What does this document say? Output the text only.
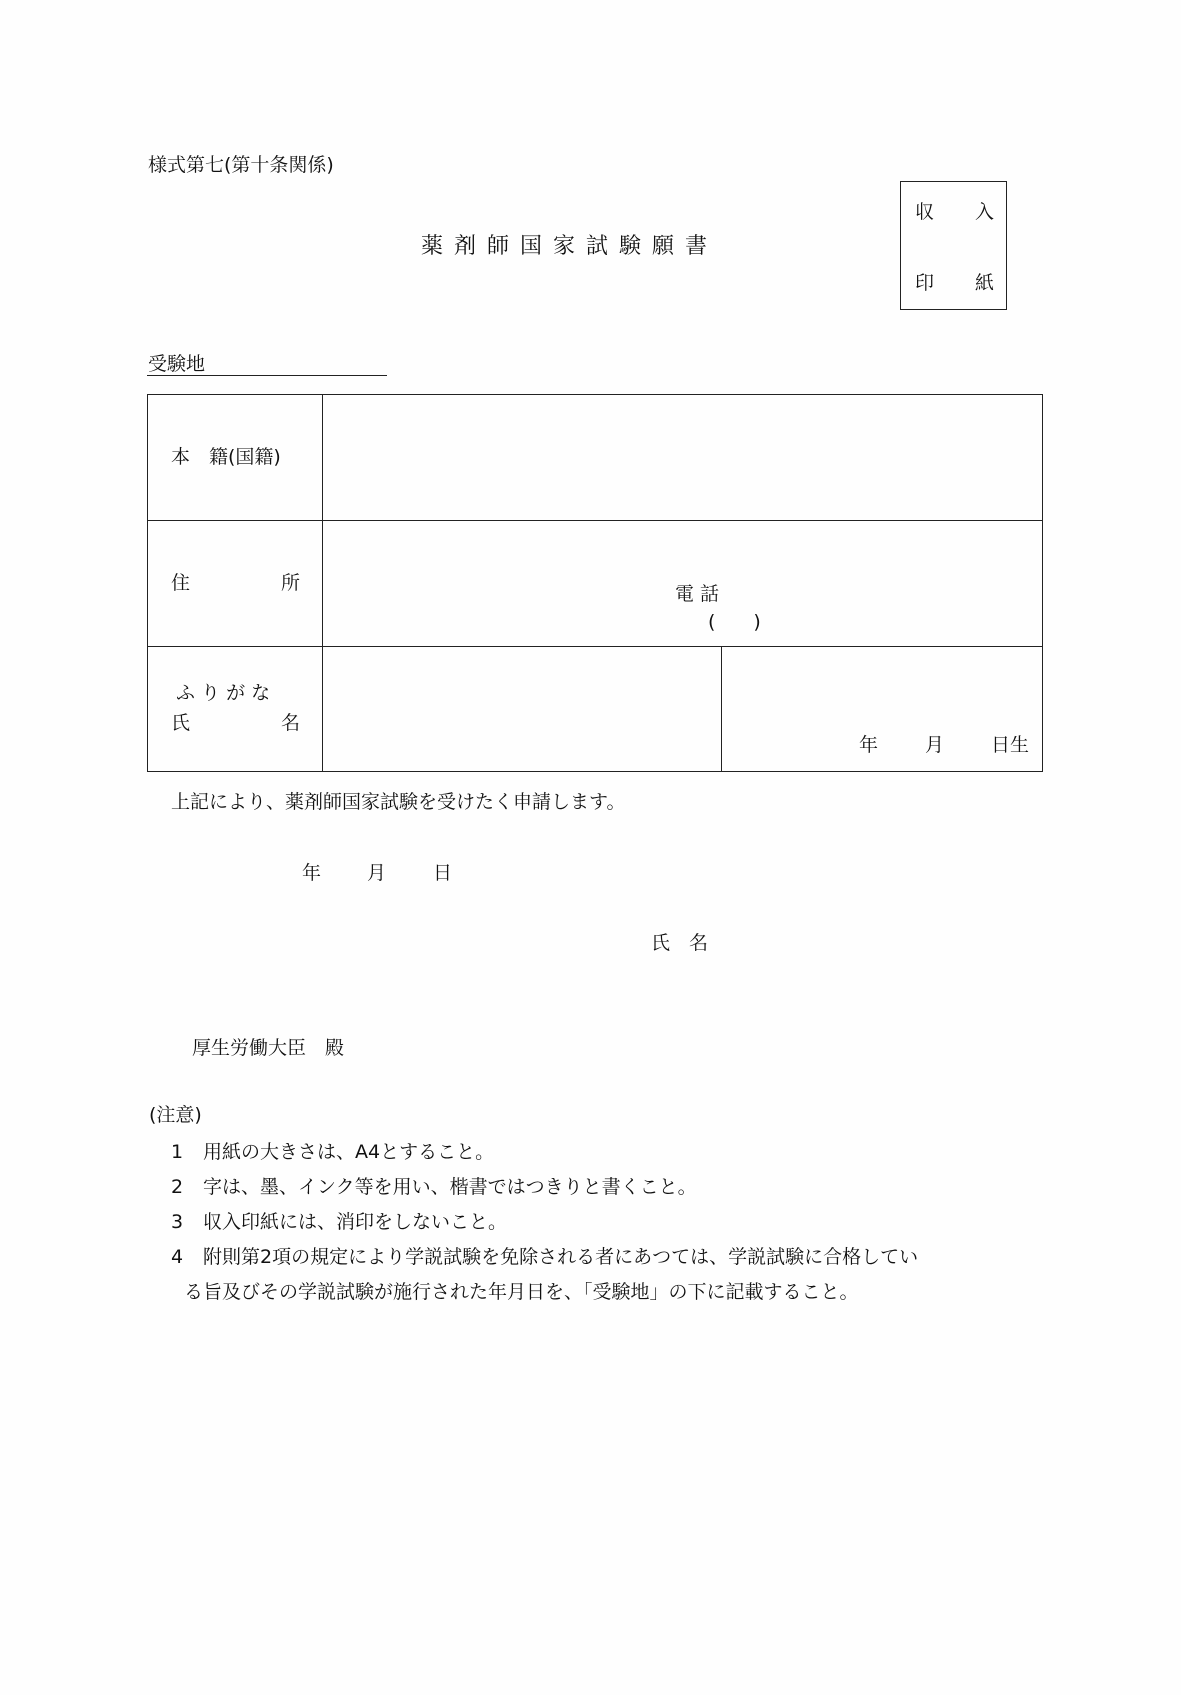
様式第七(第十条関係)
薬 剤 師 国 家 試 験 願 書
収 入
印 紙
受験地
本　籍(国籍)
住	所	電 話
(　　)
ふ り が な
氏	名
年 月 日生
上記により、薬剤師国家試験を受けたく申請します。
年 月 日
氏　名
厚生労働大臣　殿
(注意)
1 用紙の大きさは、A4とすること。
2 字は、墨、インク等を用い、楷書ではつきりと書くこと。
3 収入印紙には、消印をしないこと。
4 附則第2項の規定により学説試験を免除される者にあつては、学説試験に合格してい
る旨及びその学説試験が施行された年月日を、「受験地」の下に記載すること。
